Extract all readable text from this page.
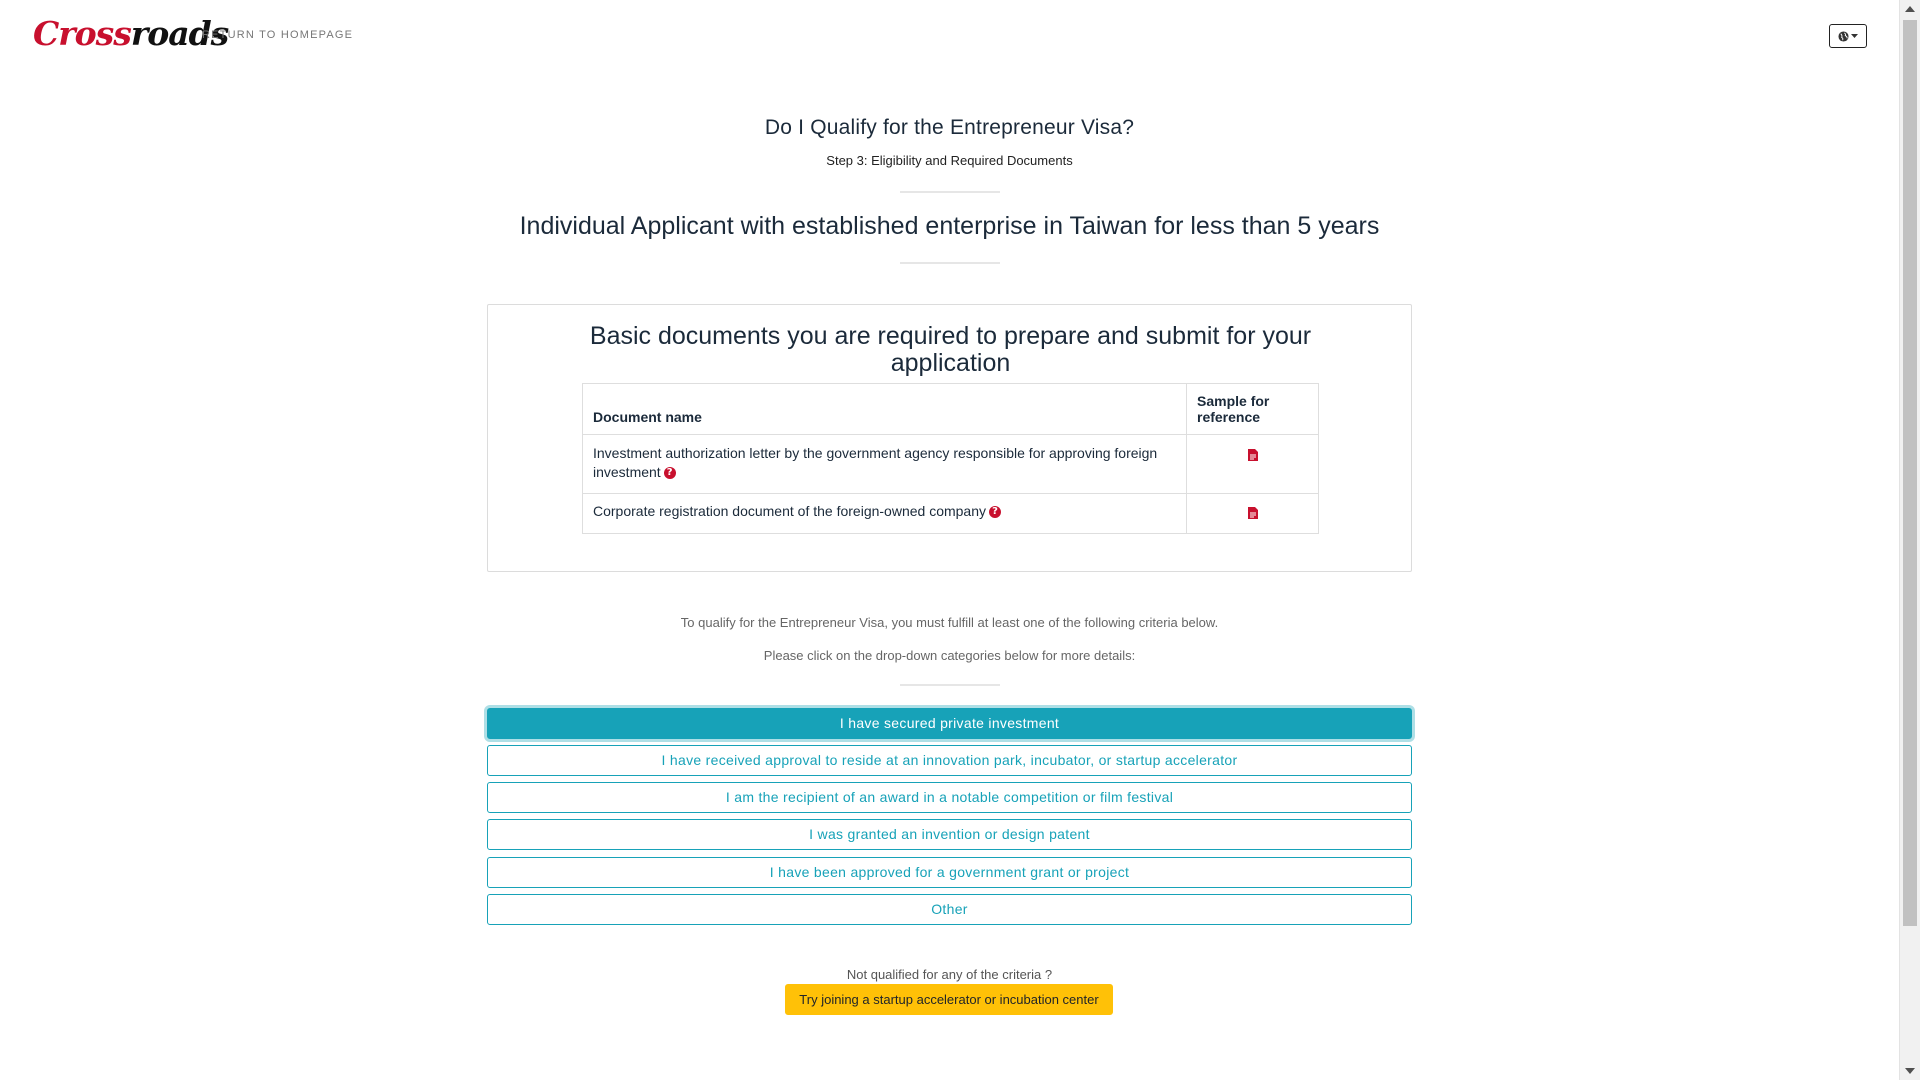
Crossroads
RETURN TO HOMEPAGE
Do I Qualify for the Entrepreneur Visa?
Step 3: Eligibility and Required Documents
Individual Applicant with established enterprise in Taiwan for less than 5 years
Basic documents you are required to prepare and submit for your application
Document name	Sample for reference
Investment authorization letter by the government agency responsible for approving foreign investment ?	
Corporate registration document of the foreign-owned company ?	
To qualify for the Entrepreneur Visa, you must fulfill at least one of the following criteria below.
Please click on the drop-down categories below for more details:
I have secured private investment
I have received approval to reside at an innovation park, incubator, or startup accelerator
I am the recipient of an award in a notable competition or film festival
I was granted an invention or design patent
I have been approved for a government grant or project
Other
Not qualified for any of the criteria ?
Try joining a startup accelerator or incubation center
